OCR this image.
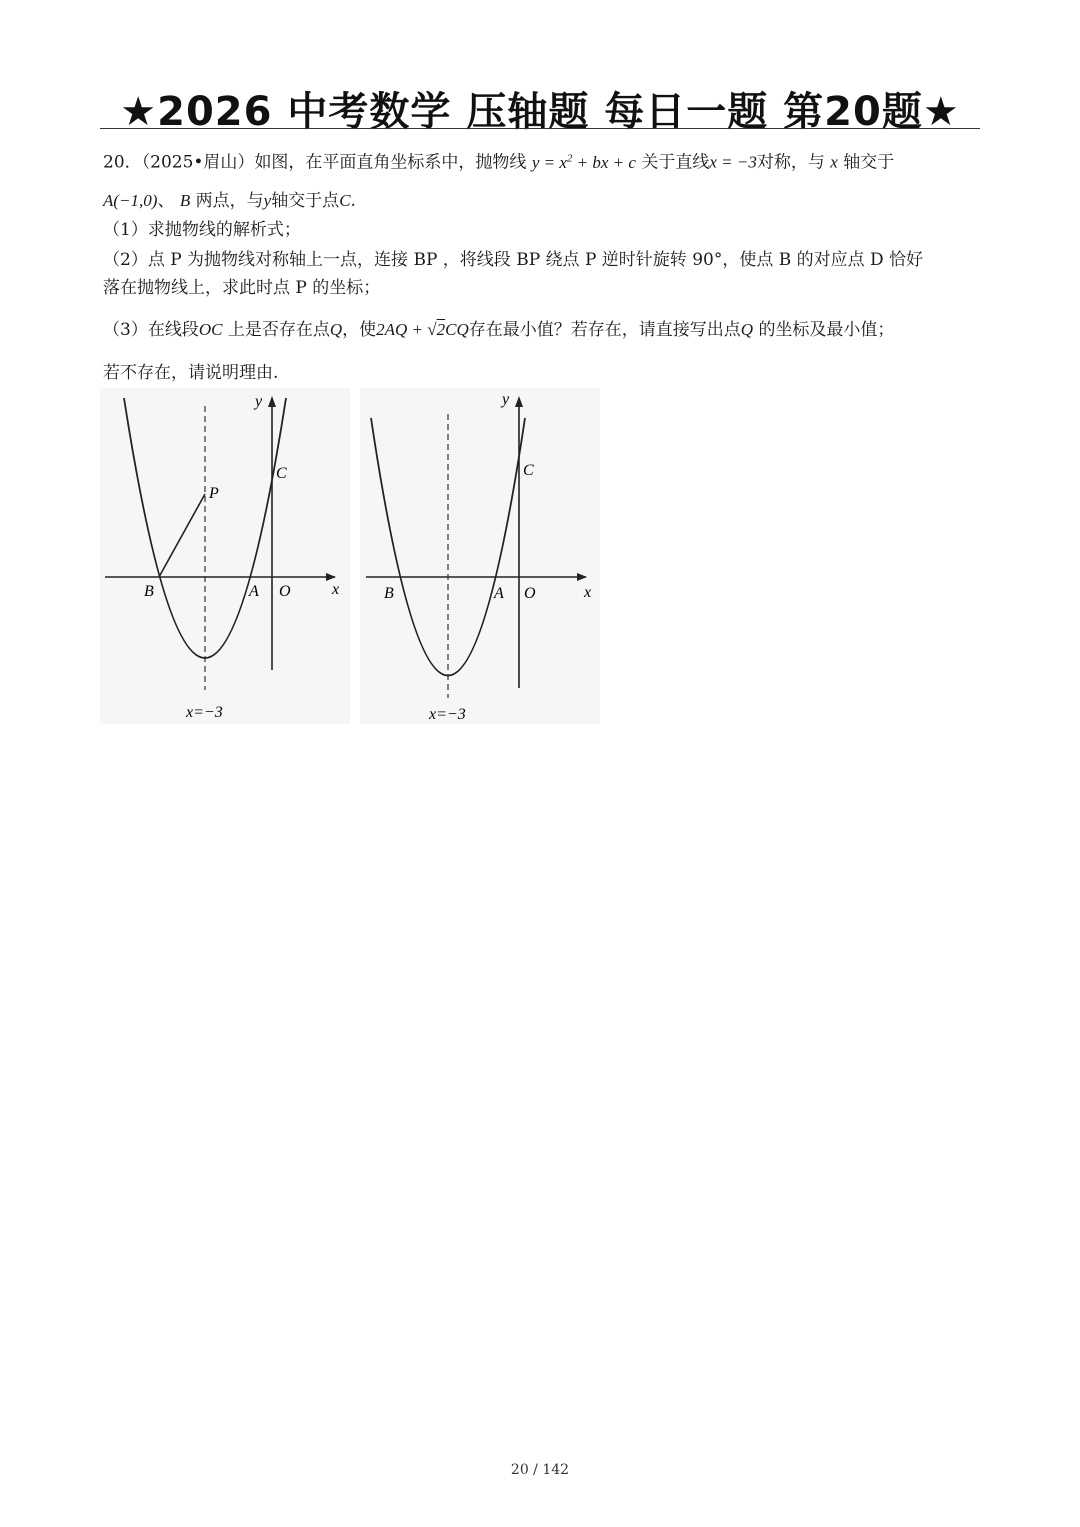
★2026 中考数学 压轴题 每日一题 第20题★
20．（2025•眉山）如图，在平面直角坐标系中，抛物线 $y = x^2$ + bx + c 关于直线x = −3对称，与 x 轴交于
A(−1,0)、 B 两点，与y轴交于点C.
（1）求抛物线的解析式；
（2）点 P 为抛物线对称轴上一点，连接 BP ，将线段 BP 绕点 P 逆时针旋转 90°，使点 B 的对应点 D 恰好
落在抛物线上，求此时点 P 的坐标；
（3）在线段OC 上是否存在点Q，使2AQ + √2CQ存在最小值？若存在，请直接写出点Q 的坐标及最小值；
若不存在，请说明理由.
y
x
C
P
B	A O
x=−3
y
x
C
B	A O
x=−3
20 / 142
